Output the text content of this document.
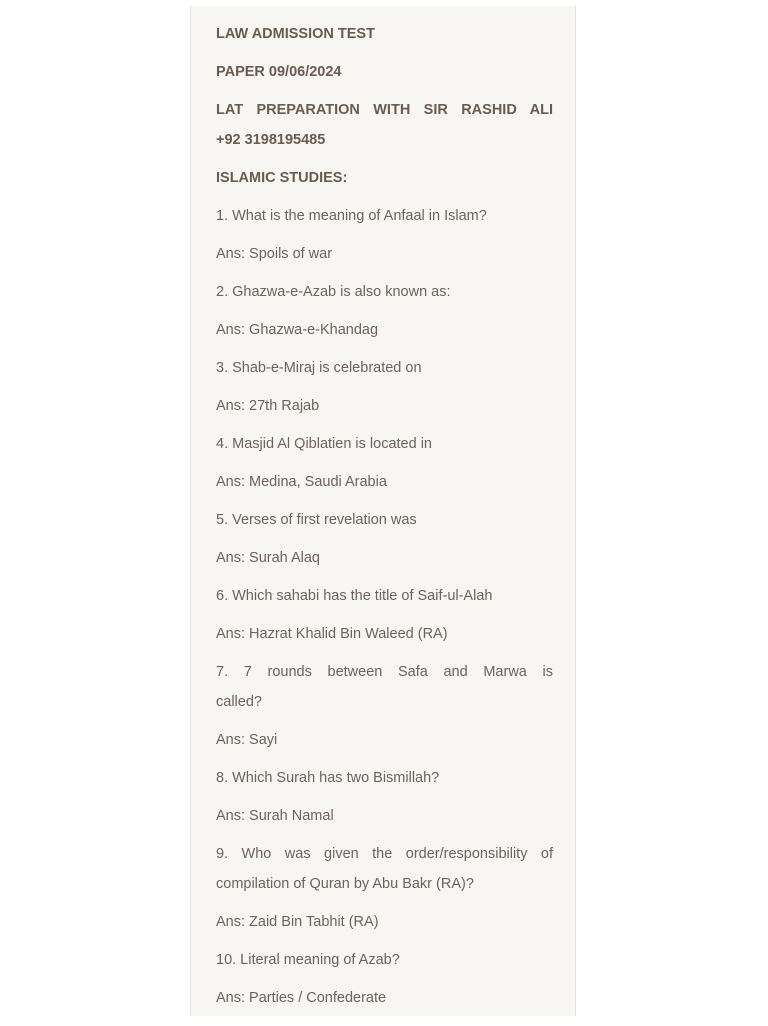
LAW ADMISSION TEST
PAPER 09/06/2024
LAT PREPARATION WITH SIR RASHID ALI
+92 3198195485
ISLAMIC STUDIES:
1. What is the meaning of Anfaal in Islam?
Ans: Spoils of war
2. Ghazwa-e-Azab is also known as:
Ans: Ghazwa-e-Khandag
3. Shab-e-Miraj is celebrated on
Ans: 27th Rajab
4. Masjid Al Qiblatien is located in
Ans: Medina, Saudi Arabia
5. Verses of first revelation was
Ans: Surah Alaq
6. Which sahabi has the title of Saif-ul-Alah
Ans: Hazrat Khalid Bin Waleed (RA)
7. 7 rounds between Safa and Marwa is
called?
Ans: Sayi
8. Which Surah has two Bismillah?
Ans: Surah Namal
9. Who was given the order/responsibility of
compilation of Quran by Abu Bakr (RA)?
Ans: Zaid Bin Tabhit (RA)
10. Literal meaning of Azab?
Ans: Parties / Confederate
